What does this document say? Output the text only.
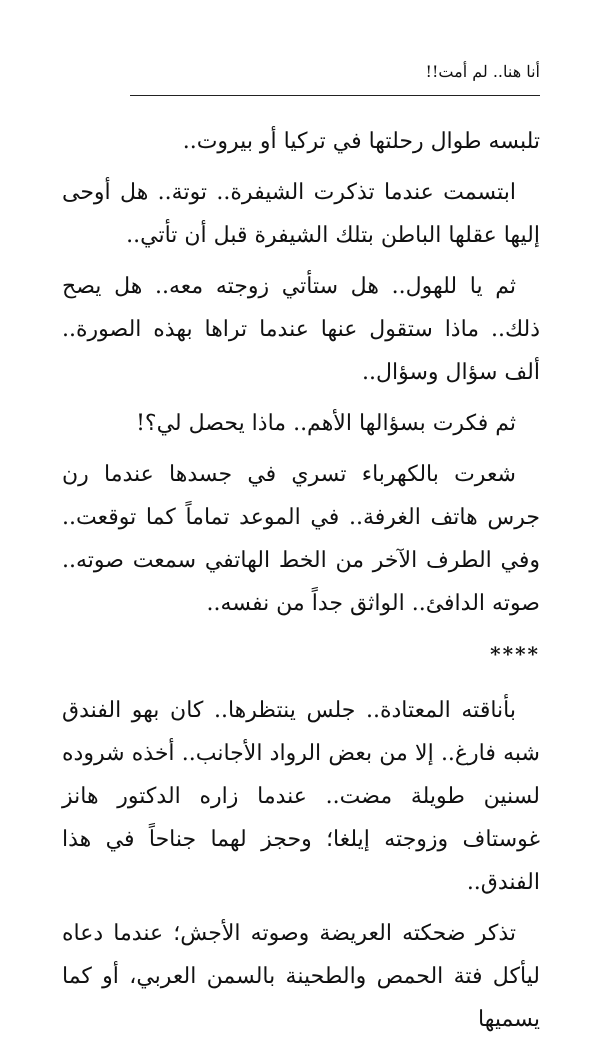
أنا هنا.. لم أمت!!

تلبسه طوال رحلتها في تركيا أو بيروت..

ابتسمت عندما تذكرت الشيفرة.. توتة.. هل أوحى إليها عقلها الباطن بتلك الشيفرة قبل أن تأتي..

ثم يا للهول.. هل ستأتي زوجته معه.. هل يصح ذلك.. ماذا ستقول عنها عندما تراها بهذه الصورة.. ألف سؤال وسؤال..

ثم فكرت بسؤالها الأهم.. ماذا يحصل لي؟!

شعرت بالكهرباء تسري في جسدها عندما رن جرس هاتف الغرفة.. في الموعد تماماً كما توقعت.. وفي الطرف الآخر من الخط الهاتفي سمعت صوته.. صوته الدافئ.. الواثق جداً من نفسه..

****

بأناقته المعتادة.. جلس ينتظرها.. كان بهو الفندق شبه فارغ.. إلا من بعض الرواد الأجانب.. أخذه شروده لسنين طويلة مضت.. عندما زاره الدكتور هانز غوستاف وزوجته إيلغا؛ وحجز لهما جناحاً في هذا الفندق..

تذكر ضحكته العريضة وصوته الأجش؛ عندما دعاه ليأكل فتة الحمص والطحينة بالسمن العربي، أو كما يسميها
